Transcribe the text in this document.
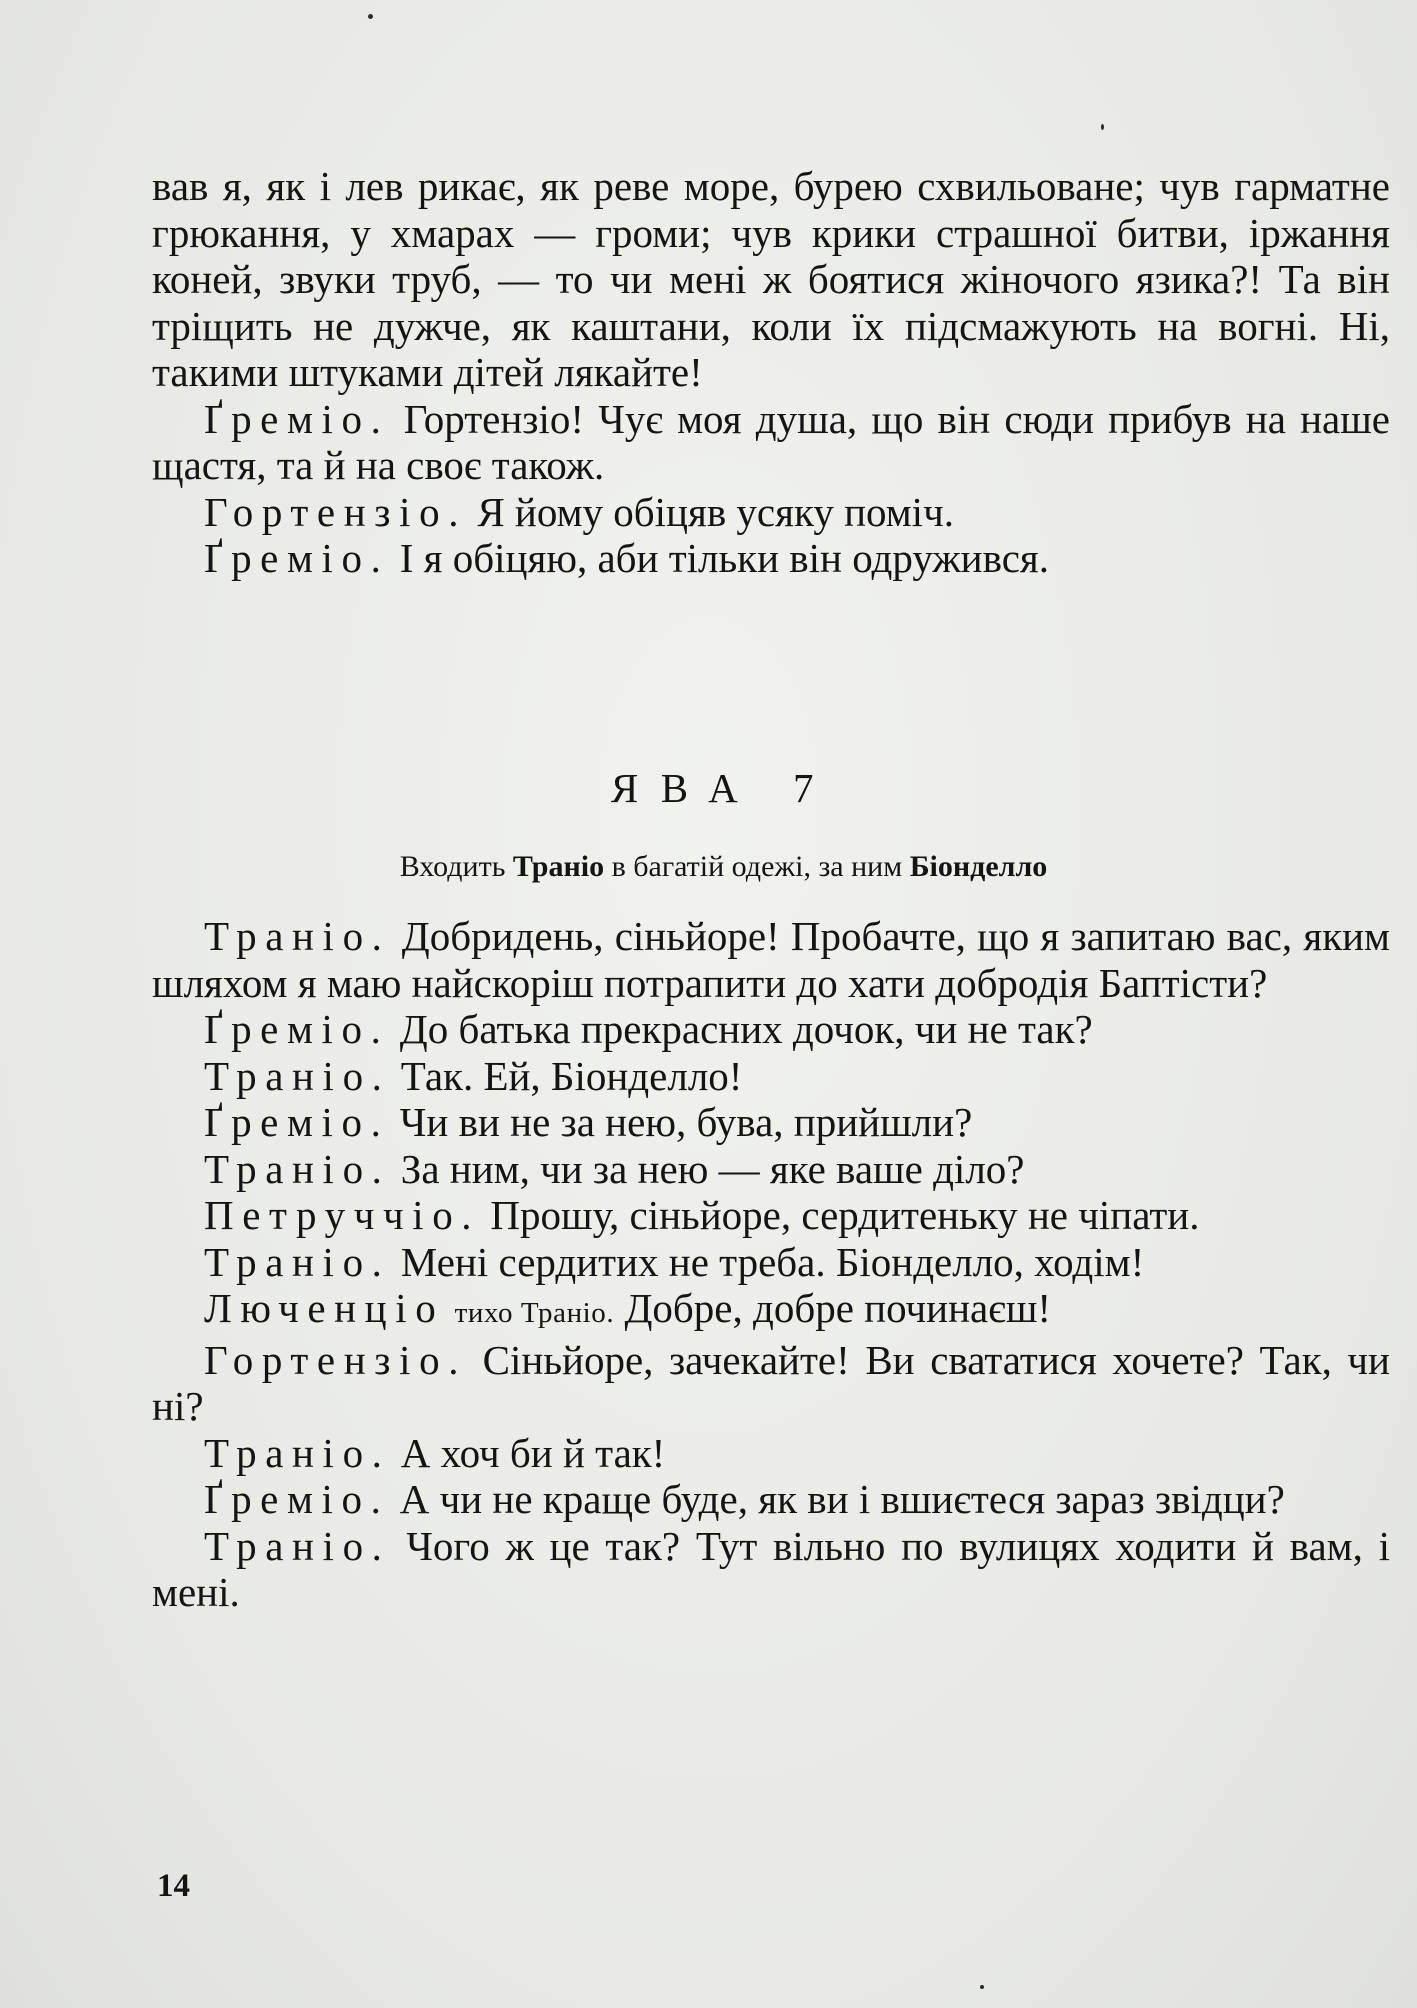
вав я, як і лев рикає, як реве море, бурею схвильоване; чув гарматне грюкання, у хмарах — громи; чув крики страшної битви, іржання коней, звуки труб, — то чи мені ж боятися жіночого язика?! Та він тріщить не дужче, як каштани, коли їх підсмажують на вогні. Ні, такими штуками дітей лякайте!

Ґреміо. Гортензіо! Чує моя душа, що він сюди прибув на наше щастя, та й на своє також.

Гортензіо. Я йому обіцяв усяку поміч.

Ґреміо. І я обіцяю, аби тільки він одружився.

ЯВА 7
Входить Траніо в багатій одежі, за ним Біонделло

Траніо. Добридень, сіньйоре! Пробачте, що я запитаю вас, яким шляхом я маю найскоріш потрапити до хати добродія Баптісти?

Ґреміо. До батька прекрасних дочок, чи не так?

Траніо. Так. Ей, Біонделло!

Ґреміо. Чи ви не за нею, бува, прийшли?

Траніо. За ним, чи за нею — яке ваше діло?

Петруччіо. Прошу, сіньйоре, сердитеньку не чіпати.

Траніо. Мені сердитих не треба. Біонделло, ходім!

Люченціо тихо Траніо. Добре, добре починаєш!

Гортензіо. Сіньйоре, зачекайте! Ви свататися хочете? Так, чи ні?

Траніо. А хоч би й так!

Ґреміо. А чи не краще буде, як ви і вшиєтеся зараз звідци?

Траніо. Чого ж це так? Тут вільно по вулицях ходити й вам, і мені.

14
